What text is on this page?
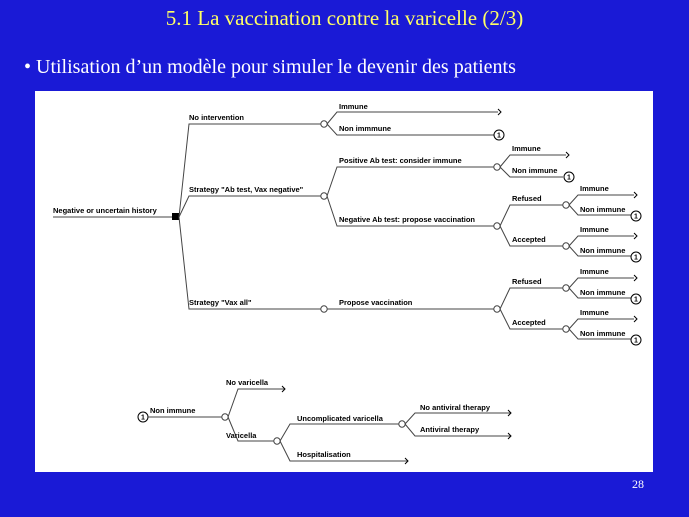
5.1 La vaccination contre la varicelle (2/3)
• Utilisation d’un modèle pour simuler le devenir des patients
Negative or uncertain history
No intervention
Strategy "Ab test, Vax negative"
Strategy "Vax all"
Immune
Non immmune
1
Positive Ab test: consider immune
Negative Ab test: propose vaccination
Immune
Non immune
1
Refused
Accepted
Immune
Non immune
1
Immune
Non immune
1
Propose vaccination
Refused
Accepted
Immune
Non immune
1
Immune
Non immune
1
1
Non immune
No varicella
Varicella
Uncomplicated varicella
Hospitalisation
No antiviral therapy
Antiviral therapy
28
